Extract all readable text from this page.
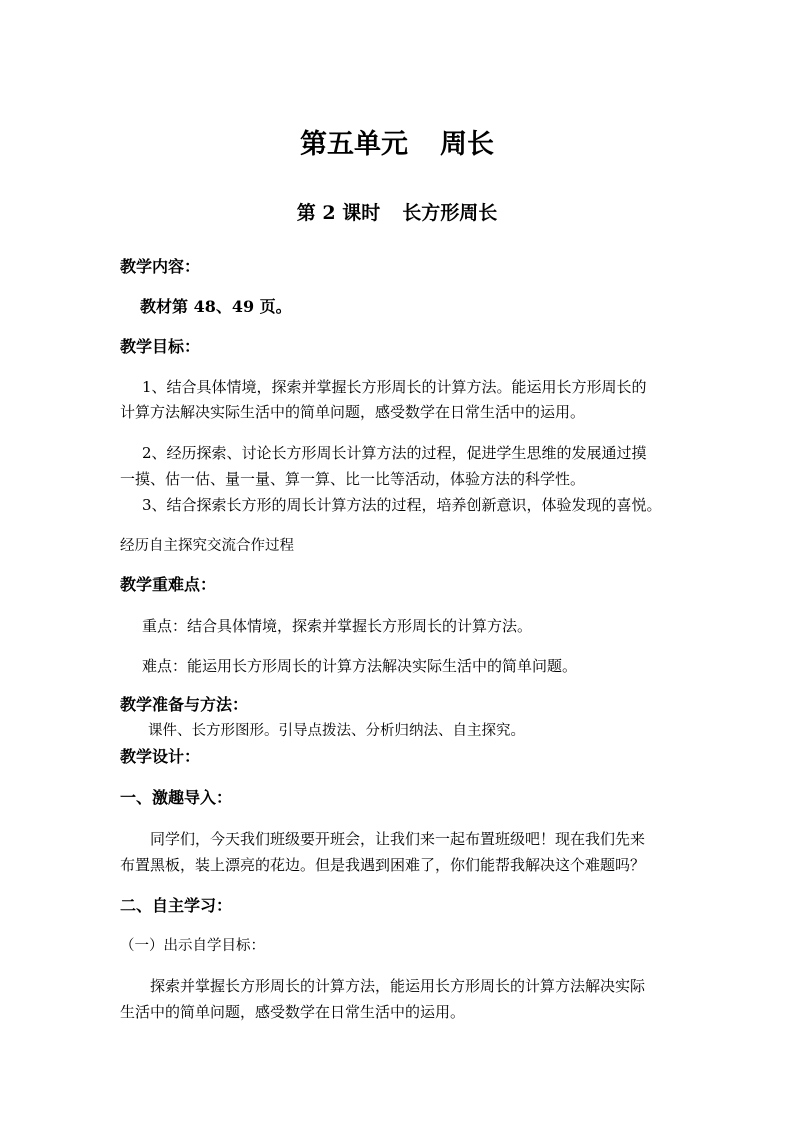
第五单元 周长
第 2 课时 长方形周长
教学内容：
教材第 48、49 页。
教学目标：
1、结合具体情境，探索并掌握长方形周长的计算方法。能运用长方形周长的
计算方法解决实际生活中的简单问题，感受数学在日常生活中的运用。
2、经历探索、讨论长方形周长计算方法的过程，促进学生思维的发展通过摸
一摸、估一估、量一量、算一算、比一比等活动，体验方法的科学性。
3、结合探索长方形的周长计算方法的过程，培养创新意识，体验发现的喜悦。
经历自主探究交流合作过程
教学重难点：
重点：结合具体情境，探索并掌握长方形周长的计算方法。
难点：能运用长方形周长的计算方法解决实际生活中的简单问题。
教学准备与方法：
课件、长方形图形。引导点拨法、分析归纳法、自主探究。
教学设计：
一、激趣导入：
同学们，今天我们班级要开班会，让我们来一起布置班级吧！现在我们先来
布置黑板，装上漂亮的花边。但是我遇到困难了，你们能帮我解决这个难题吗？
二、自主学习：
（一）出示自学目标：
探索并掌握长方形周长的计算方法，能运用长方形周长的计算方法解决实际
生活中的简单问题，感受数学在日常生活中的运用。
